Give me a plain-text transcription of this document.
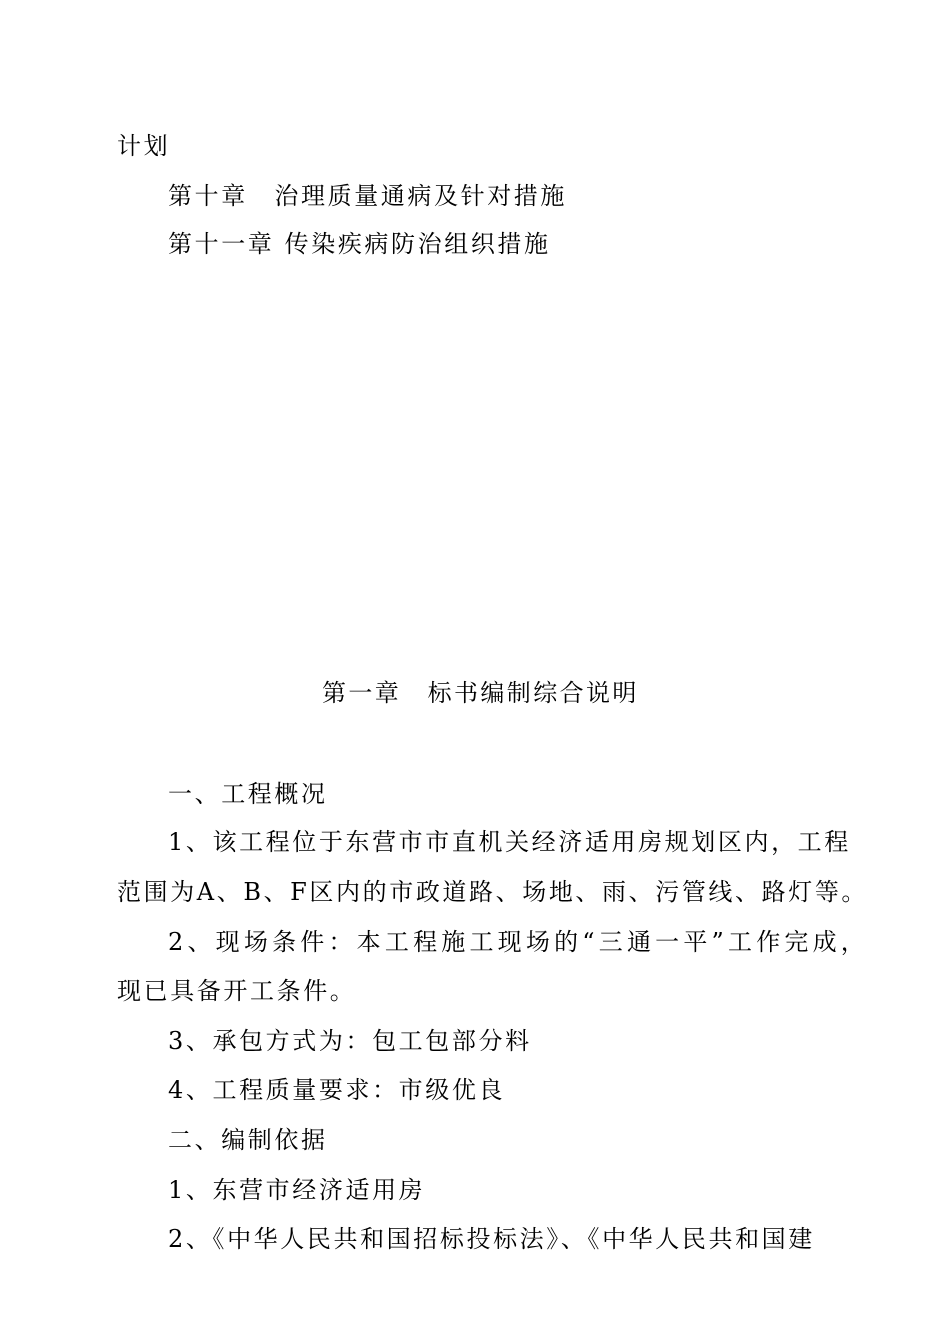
计划
第十章　治理质量通病及针对措施
第十一章 传染疾病防治组织措施
第一章　标书编制综合说明
一、工程概况
1、该工程位于东营市市直机关经济适用房规划区内，工程
范围为A、B、F区内的市政道路、场地、雨、污管线、路灯等。
2、现场条件：本工程施工现场的“三通一平”工作完成，
现已具备开工条件。
3、承包方式为：包工包部分料
4、工程质量要求：市级优良
二、编制依据
1、东营市经济适用房
2、《中华人民共和国招标投标法》、《中华人民共和国建
